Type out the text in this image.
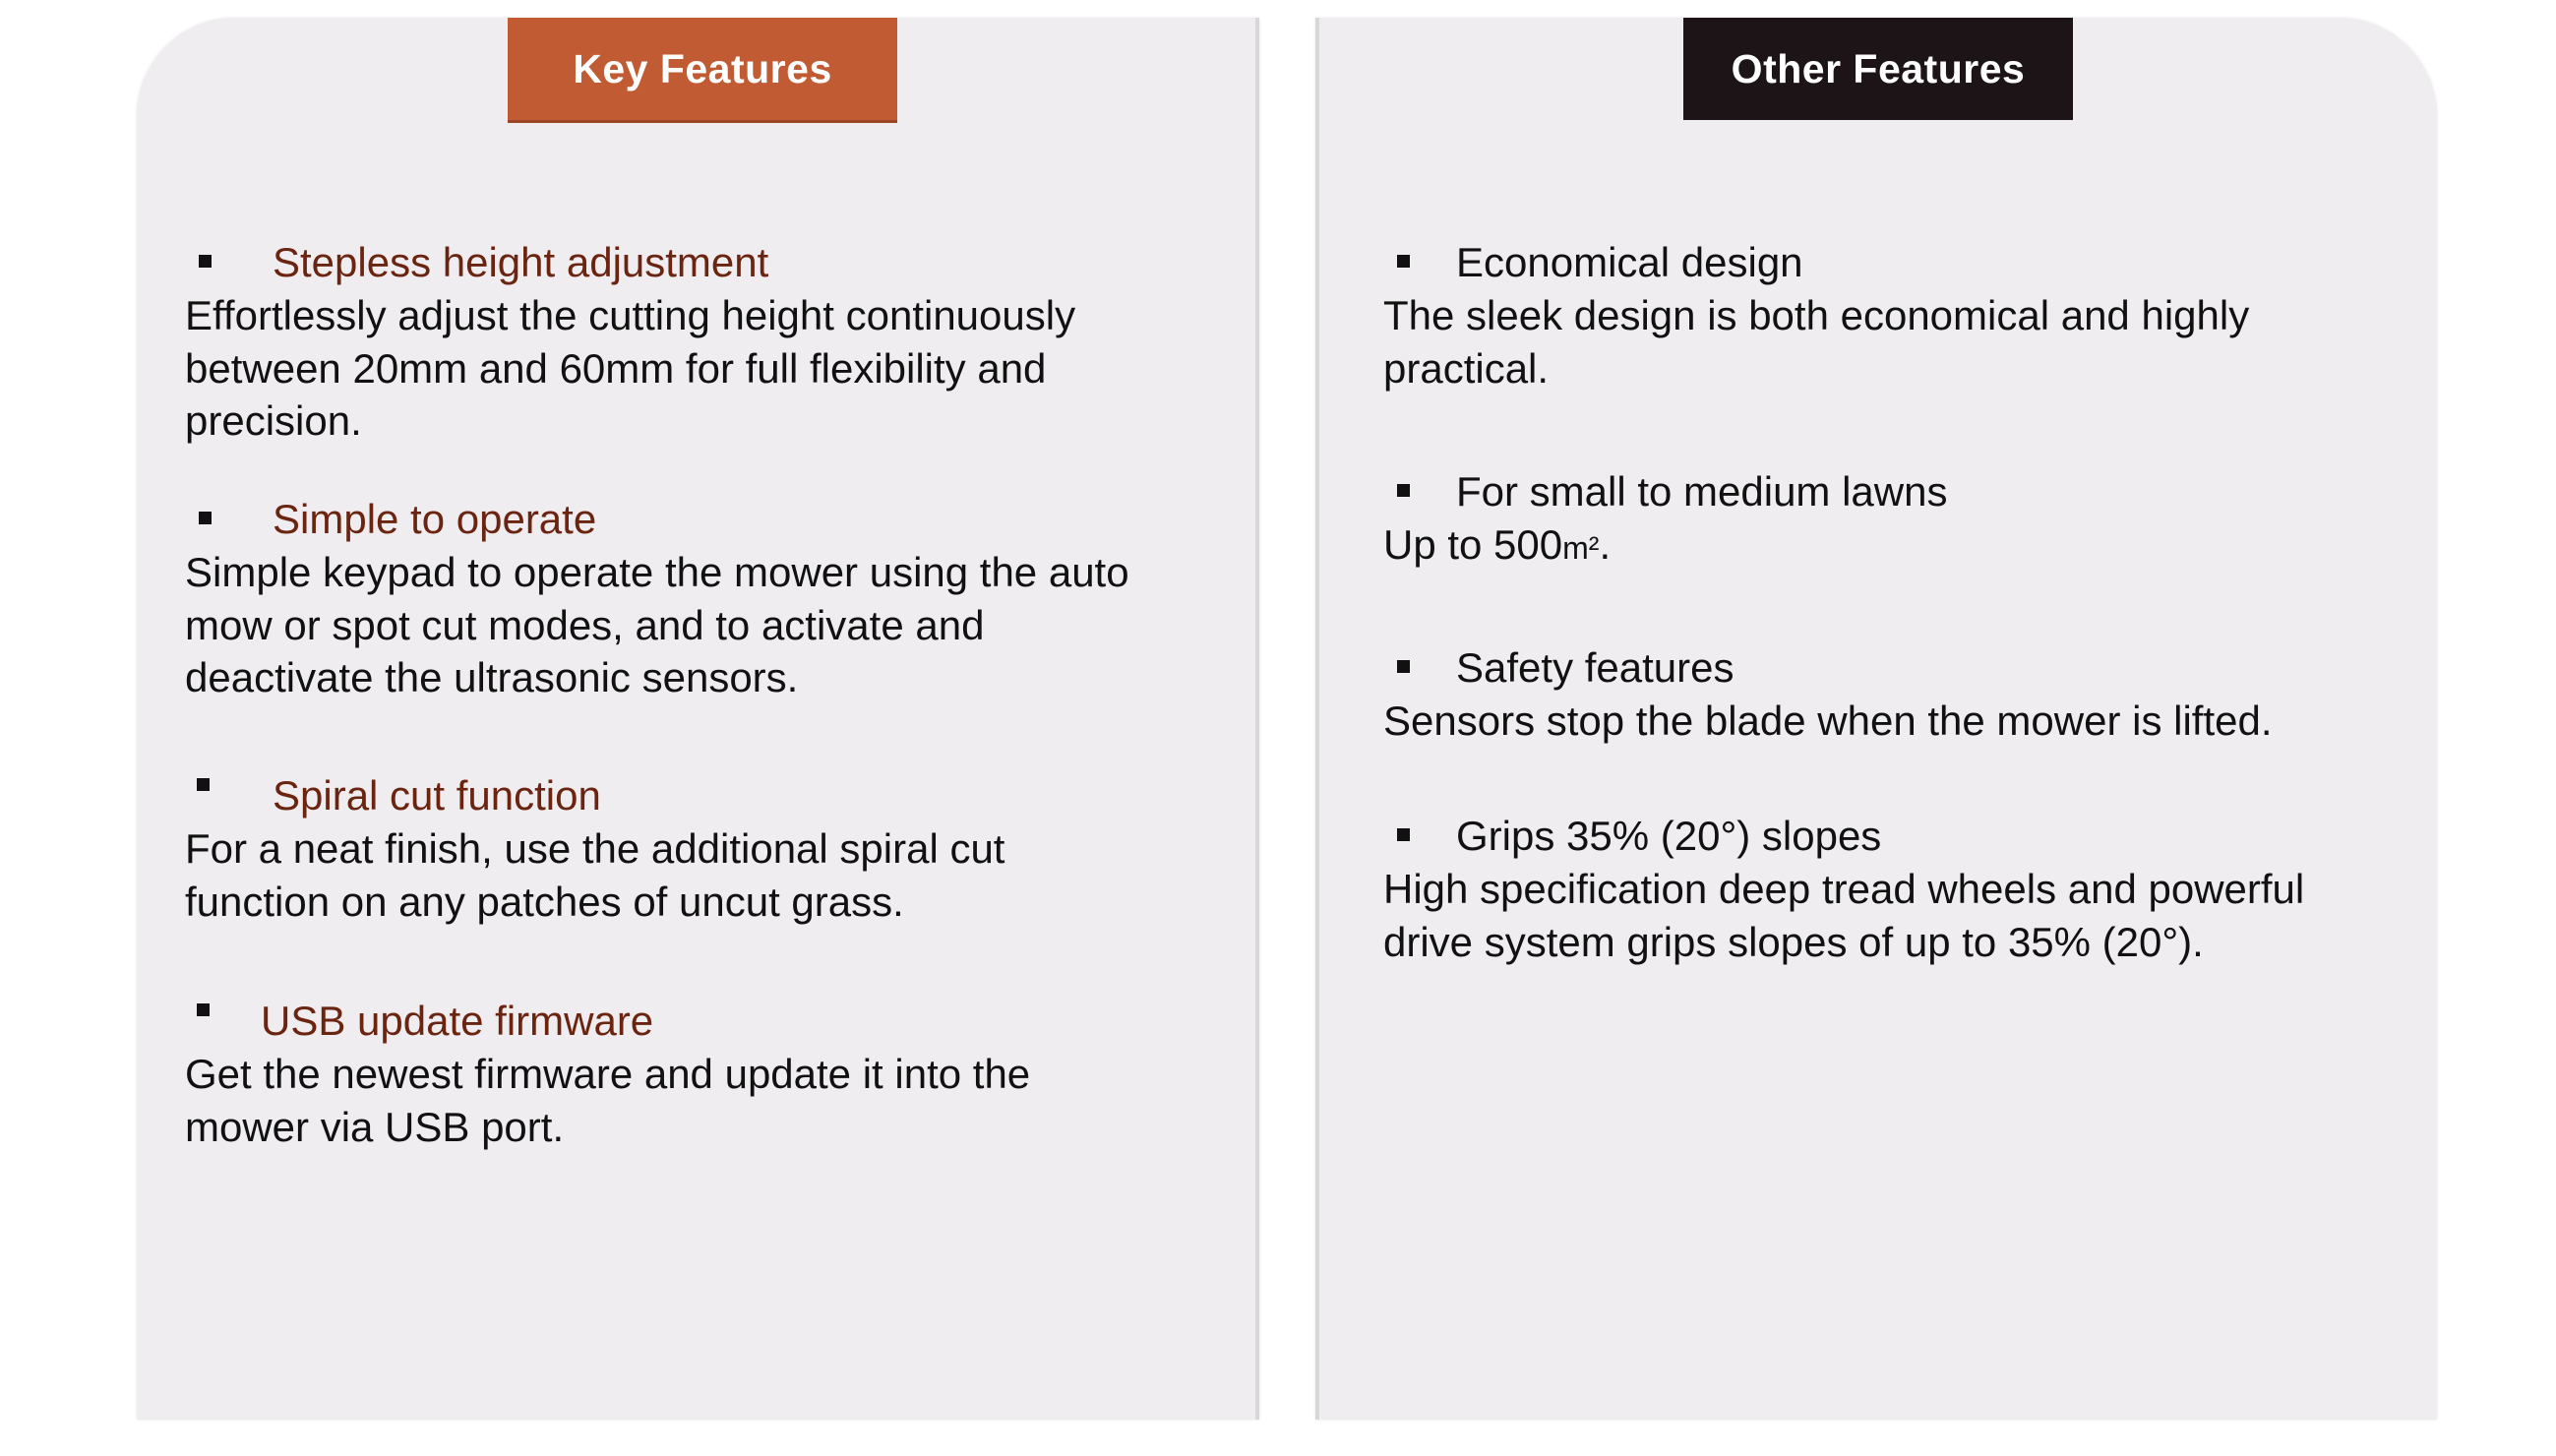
Key Features
Stepless height adjustment
Effortlessly adjust the cutting height continuously
between 20mm and 60mm for full flexibility and
precision.
Simple to operate
Simple keypad to operate the mower using the auto
mow or spot cut modes, and to activate and
deactivate the ultrasonic sensors.
Spiral cut function
For a neat finish, use the additional spiral cut
function on any patches of uncut grass.
USB update firmware
Get the newest firmware and update it into the
mower via USB port.
Other Features
Economical design
The sleek design is both economical and highly
practical.
For small to medium lawns
Up to 500m².
Safety features
Sensors stop the blade when the mower is lifted.
Grips 35% (20°) slopes
High specification deep tread wheels and powerful
drive system grips slopes of up to 35% (20°).
